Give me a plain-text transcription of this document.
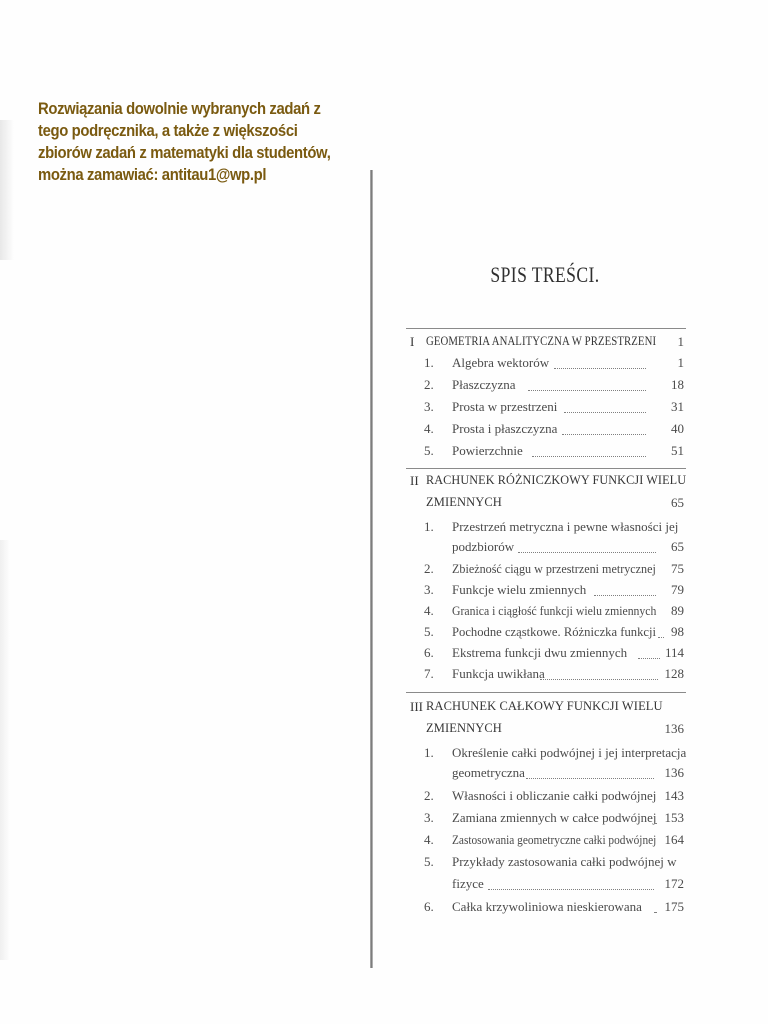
Rozwiązania dowolnie wybranych zadań z
tego podręcznika, a także z większości
zbiorów zadań z matematyki dla studentów,
można zamawiać: antitau1@wp.pl
SPIS TREŚCI.
I GEOMETRIA ANALITYCZNA W PRZESTRZENI 1
1. Algebra wektorów	1
2. Płaszczyzna	18
3. Prosta w przestrzeni	31
4. Prosta i płaszczyzna	40
5. Powierzchnie	51
II RACHUNEK RÓŻNICZKOWY FUNKCJI WIELU
ZMIENNYCH	65
1. Przestrzeń metryczna i pewne własności jej
podzbiorów	65
2. Zbieżność ciągu w przestrzeni metrycznej 75
3. Funkcje wielu zmiennych	79
4. Granica i ciągłość funkcji wielu zmiennych 89
5. Pochodne cząstkowe. Różniczka funkcji 98
6. Ekstrema funkcji dwu zmiennych	114
7. Funkcja uwikłana	128
III RACHUNEK CAŁKOWY FUNKCJI WIELU
ZMIENNYCH	136
1. Określenie całki podwójnej i jej interpretacja
geometryczna	136
2. Własności i obliczanie całki podwójnej 143
3. Zamiana zmiennych w całce podwójnej 153
4. Zastosowania geometryczne całki podwójnej 164
5. Przykłady zastosowania całki podwójnej w
fizyce	172
6. Całka krzywoliniowa nieskierowana 175
